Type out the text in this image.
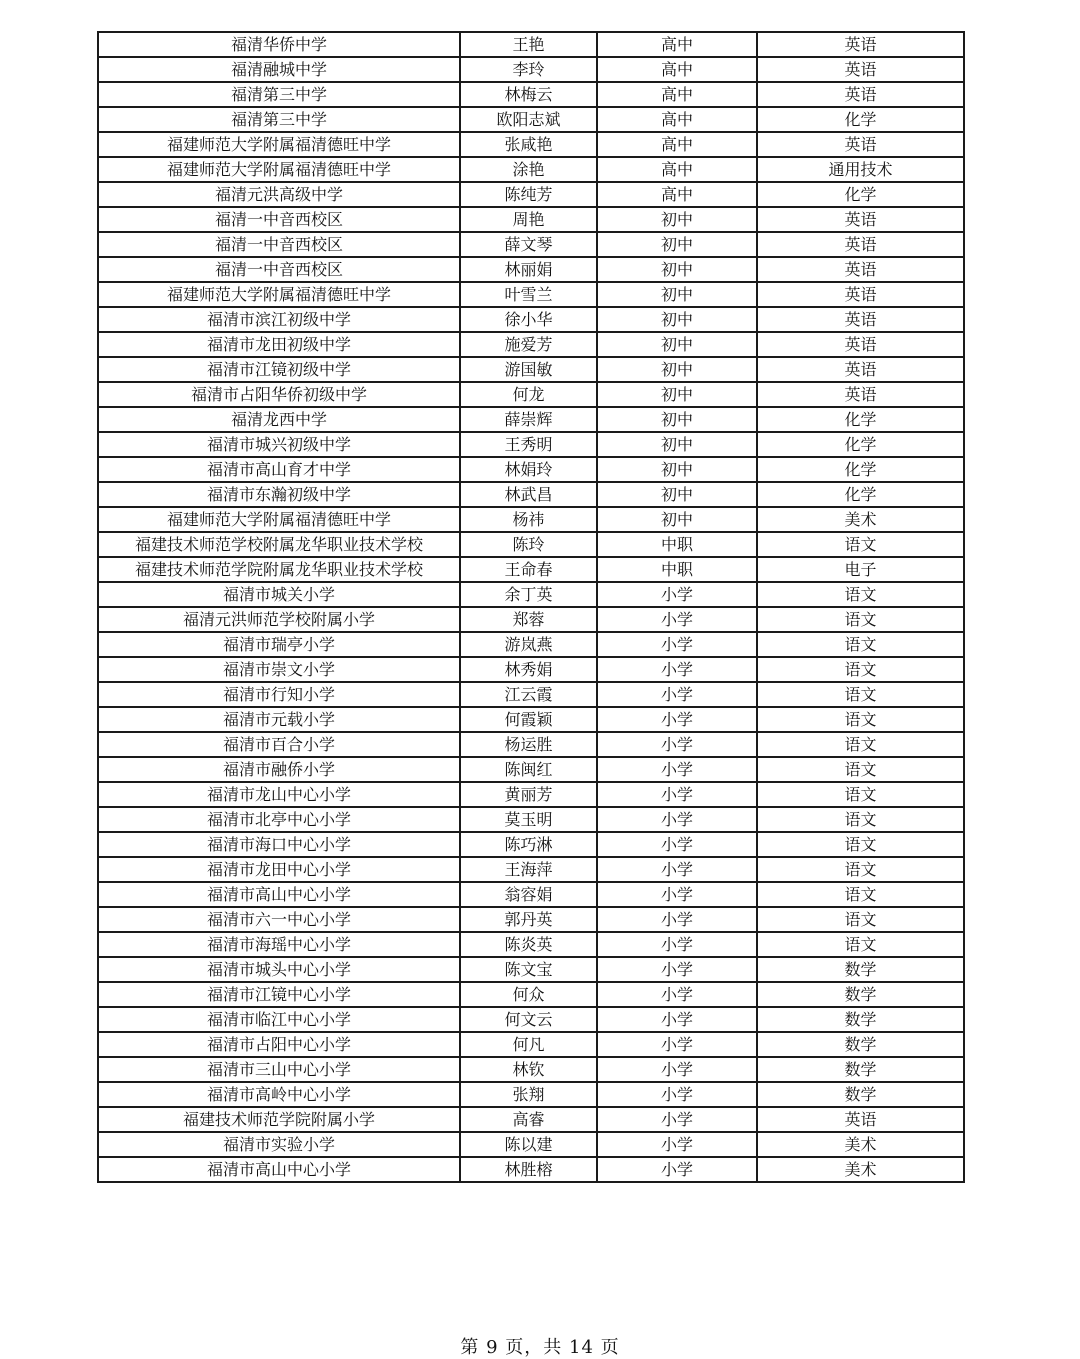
福清华侨中学	王艳	高中	英语
福清融城中学	李玲	高中	英语
福清第三中学	林梅云	高中	英语
福清第三中学	欧阳志斌	高中	化学
福建师范大学附属福清德旺中学	张咸艳	高中	英语
福建师范大学附属福清德旺中学	涂艳	高中	通用技术
福清元洪高级中学	陈纯芳	高中	化学
福清一中音西校区	周艳	初中	英语
福清一中音西校区	薛文琴	初中	英语
福清一中音西校区	林丽娟	初中	英语
福建师范大学附属福清德旺中学	叶雪兰	初中	英语
福清市滨江初级中学	徐小华	初中	英语
福清市龙田初级中学	施爱芳	初中	英语
福清市江镜初级中学	游国敏	初中	英语
福清市占阳华侨初级中学	何龙	初中	英语
福清龙西中学	薛崇辉	初中	化学
福清市城兴初级中学	王秀明	初中	化学
福清市高山育才中学	林娟玲	初中	化学
福清市东瀚初级中学	林武昌	初中	化学
福建师范大学附属福清德旺中学	杨祎	初中	美术
福建技术师范学校附属龙华职业技术学校	陈玲	中职	语文
福建技术师范学院附属龙华职业技术学校	王命春	中职	电子
福清市城关小学	余丁英	小学	语文
福清元洪师范学校附属小学	郑蓉	小学	语文
福清市瑞亭小学	游岚燕	小学	语文
福清市崇文小学	林秀娟	小学	语文
福清市行知小学	江云霞	小学	语文
福清市元载小学	何霞颖	小学	语文
福清市百合小学	杨运胜	小学	语文
福清市融侨小学	陈闽红	小学	语文
福清市龙山中心小学	黄丽芳	小学	语文
福清市北亭中心小学	莫玉明	小学	语文
福清市海口中心小学	陈巧淋	小学	语文
福清市龙田中心小学	王海萍	小学	语文
福清市高山中心小学	翁容娟	小学	语文
福清市六一中心小学	郭丹英	小学	语文
福清市海瑶中心小学	陈炎英	小学	语文
福清市城头中心小学	陈文宝	小学	数学
福清市江镜中心小学	何众	小学	数学
福清市临江中心小学	何文云	小学	数学
福清市占阳中心小学	何凡	小学	数学
福清市三山中心小学	林钦	小学	数学
福清市高岭中心小学	张翔	小学	数学
福建技术师范学院附属小学	高睿	小学	英语
福清市实验小学	陈以建	小学	美术
福清市高山中心小学	林胜榕	小学	美术
第 9 页，共 14 页
